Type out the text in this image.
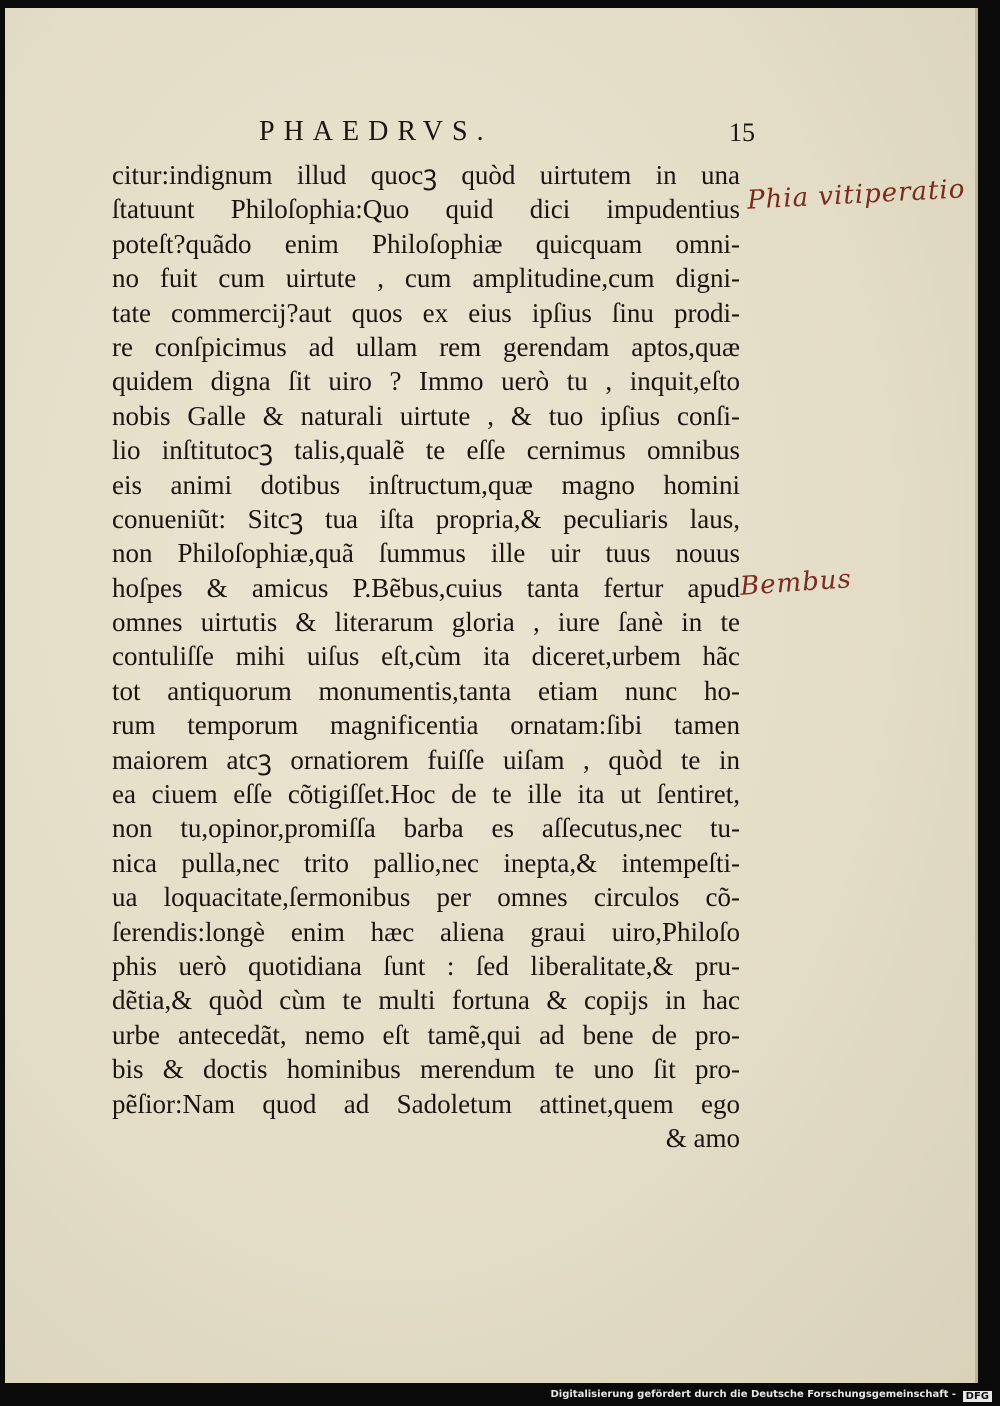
PHAEDRVS.	15
citur:indignum illud quocꝫ quòd uirtutem in una
ſtatuunt Philoſophia:Quo quid dici impudentius
poteſt?quãdo enim Philoſophiæ quicquam omni-
no fuit cum uirtute , cum amplitudine,cum digni-
tate commercij?aut quos ex eius ipſius ſinu prodi-
re conſpicimus ad ullam rem gerendam aptos,quæ
quidem digna ſit uiro ? Immo uerò tu , inquit,eſto
nobis Galle & naturali uirtute , & tuo ipſius conſi-
lio inſtitutocꝫ talis,qualẽ te eſſe cernimus omnibus
eis animi dotibus inſtructum,quæ magno homini
conueniũt: Sitcꝫ tua iſta propria,& peculiaris laus,
non Philoſophiæ,quã ſummus ille uir tuus nouus
hoſpes & amicus P.Bẽbus,cuius tanta fertur apud
omnes uirtutis & literarum gloria , iure ſanè in te
contuliſſe mihi uiſus eſt,cùm ita diceret,urbem hãc
tot antiquorum monumentis,tanta etiam nunc ho-
rum temporum magnificentia ornatam:ſibi tamen
maiorem atcꝫ ornatiorem fuiſſe uiſam , quòd te in
ea ciuem eſſe cõtigiſſet.Hoc de te ille ita ut ſentiret,
non tu,opinor,promiſſa barba es aſſecutus,nec tu-
nica pulla,nec trito pallio,nec inepta,& intempeſti-
ua loquacitate,ſermonibus per omnes circulos cõ-
ſerendis:longè enim hæc aliena graui uiro,Philoſo
phis uerò quotidiana ſunt : ſed liberalitate,& pru-
dẽtia,& quòd cùm te multi fortuna & copijs in hac
urbe antecedãt, nemo eſt tamẽ,qui ad bene de pro-
bis & doctis hominibus merendum te uno ſit pro-
pẽſior:Nam quod ad Sadoletum attinet,quem ego
& amo
Phia vitiperatio
Bembus
Digitalisierung gefördert durch die Deutsche Forschungsgemeinschaft - DFG
